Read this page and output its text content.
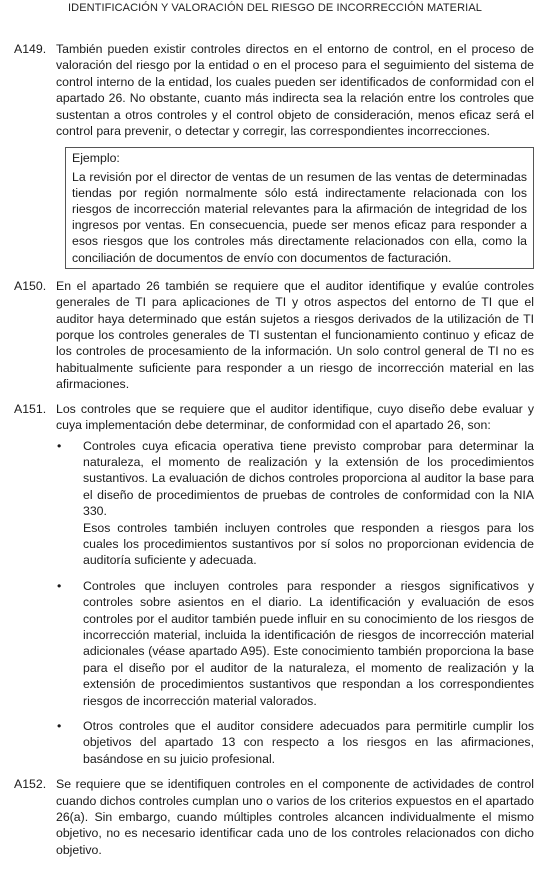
IDENTIFICACIÓN Y VALORACIÓN DEL RIESGO DE INCORRECCIÓN MATERIAL
A149. También pueden existir controles directos en el entorno de control, en el proceso de valoración del riesgo por la entidad o en el proceso para el seguimiento del sistema de control interno de la entidad, los cuales pueden ser identificados de conformidad con el apartado 26. No obstante, cuanto más indirecta sea la relación entre los controles que sustentan a otros controles y el control objeto de consideración, menos eficaz será el control para prevenir, o detectar y corregir, las correspondientes incorrecciones.
Ejemplo:
La revisión por el director de ventas de un resumen de las ventas de determinadas tiendas por región normalmente sólo está indirectamente relacionada con los riesgos de incorrección material relevantes para la afirmación de integridad de los ingresos por ventas. En consecuencia, puede ser menos eficaz para responder a esos riesgos que los controles más directamente relacionados con ella, como la conciliación de documentos de envío con documentos de facturación.
A150. En el apartado 26 también se requiere que el auditor identifique y evalúe controles generales de TI para aplicaciones de TI y otros aspectos del entorno de TI que el auditor haya determinado que están sujetos a riesgos derivados de la utilización de TI porque los controles generales de TI sustentan el funcionamiento continuo y eficaz de los controles de procesamiento de la información. Un solo control general de TI no es habitualmente suficiente para responder a un riesgo de incorrección material en las afirmaciones.
A151. Los controles que se requiere que el auditor identifique, cuyo diseño debe evaluar y cuya implementación debe determinar, de conformidad con el apartado 26, son:
•	Controles cuya eficacia operativa tiene previsto comprobar para determinar la naturaleza, el momento de realización y la extensión de los procedimientos sustantivos. La evaluación de dichos controles proporciona al auditor la base para el diseño de procedimientos de pruebas de controles de conformidad con la NIA 330.

Esos controles también incluyen controles que responden a riesgos para los cuales los procedimientos sustantivos por sí solos no proporcionan evidencia de auditoría suficiente y adecuada.

•	Controles que incluyen controles para responder a riesgos significativos y controles sobre asientos en el diario. La identificación y evaluación de esos controles por el auditor también puede influir en su conocimiento de los riesgos de incorrección material, incluida la identificación de riesgos de incorrección material adicionales (véase apartado A95). Este conocimiento también proporciona la base para el diseño por el auditor de la naturaleza, el momento de realización y la extensión de procedimientos sustantivos que respondan a los correspondientes riesgos de incorrección material valorados.

•	Otros controles que el auditor considere adecuados para permitirle cumplir los objetivos del apartado 13 con respecto a los riesgos en las afirmaciones, basándose en su juicio profesional.

A152. Se requiere que se identifiquen controles en el componente de actividades de control cuando dichos controles cumplan uno o varios de los criterios expuestos en el apartado 26(a). Sin embargo, cuando múltiples controles alcancen individualmente el mismo objetivo, no es necesario identificar cada uno de los controles relacionados con dicho objetivo.
